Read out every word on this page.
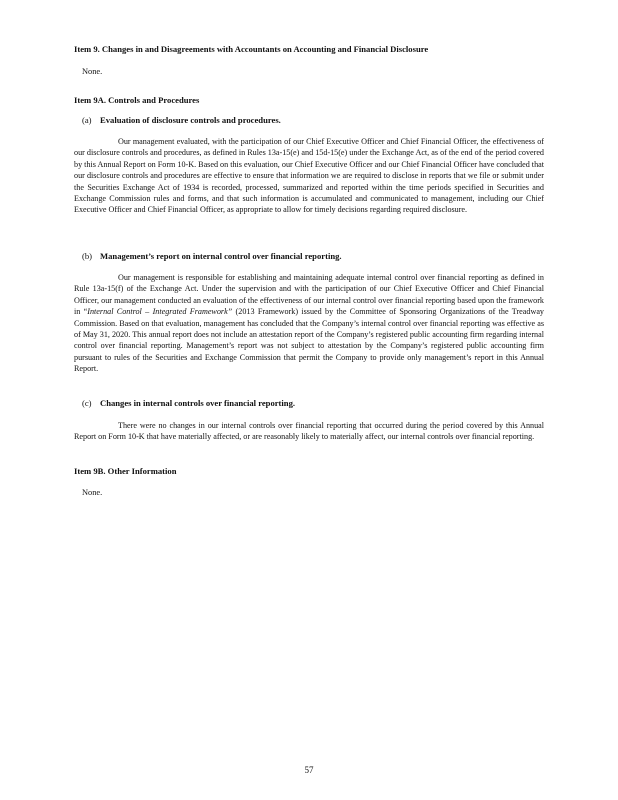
Item 9. Changes in and Disagreements with Accountants on Accounting and Financial Disclosure
None.
Item 9A. Controls and Procedures
(a) Evaluation of disclosure controls and procedures.
Our management evaluated, with the participation of our Chief Executive Officer and Chief Financial Officer, the effectiveness of our disclosure controls and procedures, as defined in Rules 13a-15(e) and 15d-15(e) under the Exchange Act, as of the end of the period covered by this Annual Report on Form 10-K. Based on this evaluation, our Chief Executive Officer and our Chief Financial Officer have concluded that our disclosure controls and procedures are effective to ensure that information we are required to disclose in reports that we file or submit under the Securities Exchange Act of 1934 is recorded, processed, summarized and reported within the time periods specified in Securities and Exchange Commission rules and forms, and that such information is accumulated and communicated to management, including our Chief Executive Officer and Chief Financial Officer, as appropriate to allow for timely decisions regarding required disclosure.
(b) Management’s report on internal control over financial reporting.
Our management is responsible for establishing and maintaining adequate internal control over financial reporting as defined in Rule 13a-15(f) of the Exchange Act. Under the supervision and with the participation of our Chief Executive Officer and Chief Financial Officer, our management conducted an evaluation of the effectiveness of our internal control over financial reporting based upon the framework in “Internal Control – Integrated Framework” (2013 Framework) issued by the Committee of Sponsoring Organizations of the Treadway Commission. Based on that evaluation, management has concluded that the Company’s internal control over financial reporting was effective as of May 31, 2020. This annual report does not include an attestation report of the Company’s registered public accounting firm regarding internal control over financial reporting. Management’s report was not subject to attestation by the Company’s registered public accounting firm pursuant to rules of the Securities and Exchange Commission that permit the Company to provide only management’s report in this Annual Report.
(c) Changes in internal controls over financial reporting.
There were no changes in our internal controls over financial reporting that occurred during the period covered by this Annual Report on Form 10-K that have materially affected, or are reasonably likely to materially affect, our internal controls over financial reporting.
Item 9B. Other Information
None.
57
